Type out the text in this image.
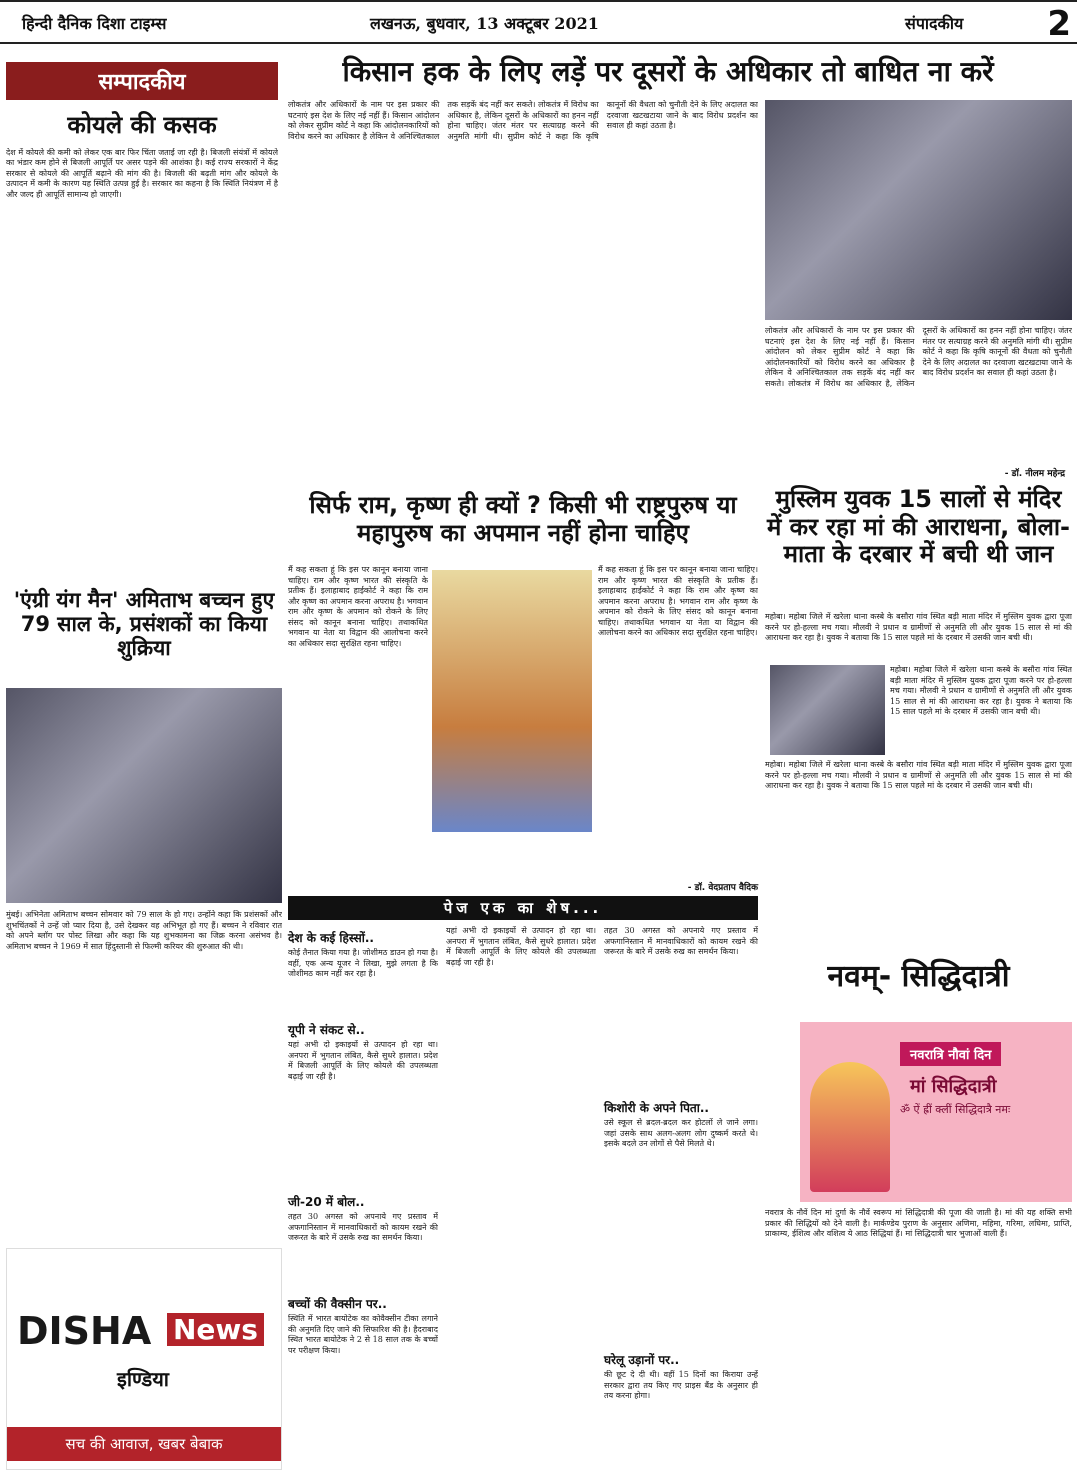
हिन्दी दैनिक दिशा टाइम्स	लखनऊ, बुधवार, 13 अक्टूबर 2021	संपादकीय 2
सम्पादकीय
कोयले की कसक
देश में कोयले की कमी को लेकर एक बार फिर चिंता जताई जा रही है। बिजली संयंत्रों में कोयले का भंडार कम होने से बिजली आपूर्ति पर असर पड़ने की आशंका है। कई राज्य सरकारों ने केंद्र सरकार से कोयले की आपूर्ति बढ़ाने की मांग की है। बिजली की बढ़ती मांग और कोयले के उत्पादन में कमी के कारण यह स्थिति उत्पन्न हुई है। सरकार का कहना है कि स्थिति नियंत्रण में है और जल्द ही आपूर्ति सामान्य हो जाएगी।
'एंग्री यंग मैन' अमिताभ बच्चन हुए 79 साल के, प्रसंशकों का किया शुक्रिया
मुंबई। अभिनेता अमिताभ बच्चन सोमवार को 79 साल के हो गए। उन्होंने कहा कि प्रशंसकों और शुभचिंतकों ने उन्हें जो प्यार दिया है, उसे देखकर वह अभिभूत हो गए हैं। बच्चन ने रविवार रात को अपने ब्लॉग पर पोस्ट लिखा और कहा कि यह शुभकामना का जिक्र करना असंभव है। अमिताभ बच्चन ने 1969 में सात हिंदुस्तानी से फिल्मी करियर की शुरुआत की थी।
DISHA News
इण्डिया
सच की आवाज, खबर बेबाक
किसान हक के लिए लड़ें पर दूसरों के अधिकार तो बाधित ना करें
लोकतंत्र और अधिकारों के नाम पर इस प्रकार की घटनाएं इस देश के लिए नई नहीं हैं। किसान आंदोलन को लेकर सुप्रीम कोर्ट ने कहा कि आंदोलनकारियों को विरोध करने का अधिकार है लेकिन वे अनिश्चितकाल तक सड़कें बंद नहीं कर सकते। लोकतंत्र में विरोध का अधिकार है, लेकिन दूसरों के अधिकारों का हनन नहीं होना चाहिए। जंतर मंतर पर सत्याग्रह करने की अनुमति मांगी थी। सुप्रीम कोर्ट ने कहा कि कृषि कानूनों की वैधता को चुनौती देने के लिए अदालत का दरवाजा खटखटाया जाने के बाद विरोध प्रदर्शन का सवाल ही कहां उठता है।
लोकतंत्र और अधिकारों के नाम पर इस प्रकार की घटनाएं इस देश के लिए नई नहीं हैं। किसान आंदोलन को लेकर सुप्रीम कोर्ट ने कहा कि आंदोलनकारियों को विरोध करने का अधिकार है लेकिन वे अनिश्चितकाल तक सड़कें बंद नहीं कर सकते। लोकतंत्र में विरोध का अधिकार है, लेकिन दूसरों के अधिकारों का हनन नहीं होना चाहिए। जंतर मंतर पर सत्याग्रह करने की अनुमति मांगी थी। सुप्रीम कोर्ट ने कहा कि कृषि कानूनों की वैधता को चुनौती देने के लिए अदालत का दरवाजा खटखटाया जाने के बाद विरोध प्रदर्शन का सवाल ही कहां उठता है।
- डॉ. नीलम महेन्द्र
सिर्फ राम, कृष्ण ही क्यों ? किसी भी राष्ट्रपुरुष या महापुरुष का अपमान नहीं होना चाहिए
मैं कह सकता हूं कि इस पर कानून बनाया जाना चाहिए। राम और कृष्ण भारत की संस्कृति के प्रतीक हैं। इलाहाबाद हाईकोर्ट ने कहा कि राम और कृष्ण का अपमान करना अपराध है। भगवान राम और कृष्ण के अपमान को रोकने के लिए संसद को कानून बनाना चाहिए। तथाकथित भगवान या नेता या विद्वान की आलोचना करने का अधिकार सदा सुरक्षित रहना चाहिए।
मैं कह सकता हूं कि इस पर कानून बनाया जाना चाहिए। राम और कृष्ण भारत की संस्कृति के प्रतीक हैं। इलाहाबाद हाईकोर्ट ने कहा कि राम और कृष्ण का अपमान करना अपराध है। भगवान राम और कृष्ण के अपमान को रोकने के लिए संसद को कानून बनाना चाहिए। तथाकथित भगवान या नेता या विद्वान की आलोचना करने का अधिकार सदा सुरक्षित रहना चाहिए।
- डॉ. वेदप्रताप वैदिक
पेज एक का शेष...
देश के कई हिस्सों..
कोई तैनात किया गया है। जोशीमठ डाउन हो गया है। वहीं, एक अन्य यूजर ने लिखा, मुझे लगता है कि जोशीमठ काम नहीं कर रहा है।
यूपी ने संकट से..
यहां अभी दो इकाइयों से उत्पादन हो रहा था। अनपरा में भुगतान लंबित, कैसे सुधरे हालात। प्रदेश में बिजली आपूर्ति के लिए कोयले की उपलब्धता बढ़ाई जा रही है।
जी-20 में बोल..
तहत 30 अगस्त को अपनाये गए प्रस्ताव में अफगानिस्तान में मानवाधिकारों को कायम रखने की जरूरत के बारे में उसके रुख का समर्थन किया।
बच्चों की वैक्सीन पर..
स्थिति में भारत बायोटेक का कोवैक्सीन टीका लगाने की अनुमति दिए जाने की सिफारिश की है। हैदराबाद स्थित भारत बायोटेक ने 2 से 18 साल तक के बच्चों पर परीक्षण किया।
यहां अभी दो इकाइयों से उत्पादन हो रहा था। अनपरा में भुगतान लंबित, कैसे सुधरे हालात। प्रदेश में बिजली आपूर्ति के लिए कोयले की उपलब्धता बढ़ाई जा रही है।
तहत 30 अगस्त को अपनाये गए प्रस्ताव में अफगानिस्तान में मानवाधिकारों को कायम रखने की जरूरत के बारे में उसके रुख का समर्थन किया।
किशोरी के अपने पिता..
उसे स्कूल से ब्रदल-ब्रदल कर होटलों ले जाने लगा। जहां उसके साथ अलग-अलग लोग दुष्कर्म करते थे। इसके बदले उन लोगों से पैसे मिलते थे।
घरेलू उड़ानों पर..
की छूट दे दी थी। वहीं 15 दिनों का किराया उन्हें सरकार द्वारा तय किए गए प्राइस बैंड के अनुसार ही तय करना होगा।
मुस्लिम युवक 15 सालों से मंदिर में कर रहा मां की आराधना, बोला- माता के दरबार में बची थी जान
महोबा। महोबा जिले में खरेला थाना कस्बे के बसौरा गांव स्थित बड़ी माता मंदिर में मुस्लिम युवक द्वारा पूजा करने पर हो-हल्ला मच गया। मौलवी ने प्रधान व ग्रामीणों से अनुमति ली और युवक 15 साल से मां की आराधना कर रहा है। युवक ने बताया कि 15 साल पहले मां के दरबार में उसकी जान बची थी।
महोबा। महोबा जिले में खरेला थाना कस्बे के बसौरा गांव स्थित बड़ी माता मंदिर में मुस्लिम युवक द्वारा पूजा करने पर हो-हल्ला मच गया। मौलवी ने प्रधान व ग्रामीणों से अनुमति ली और युवक 15 साल से मां की आराधना कर रहा है। युवक ने बताया कि 15 साल पहले मां के दरबार में उसकी जान बची थी।
महोबा। महोबा जिले में खरेला थाना कस्बे के बसौरा गांव स्थित बड़ी माता मंदिर में मुस्लिम युवक द्वारा पूजा करने पर हो-हल्ला मच गया। मौलवी ने प्रधान व ग्रामीणों से अनुमति ली और युवक 15 साल से मां की आराधना कर रहा है। युवक ने बताया कि 15 साल पहले मां के दरबार में उसकी जान बची थी।
नवम्- सिद्धिदात्री
नवरात्रि नौवां दिन
मां सिद्धिदात्री
ॐ ऐं ह्रीं क्लीं सिद्धिदात्रै नमः
नवरात्र के नौवें दिन मां दुर्गा के नौवें स्वरूप मां सिद्धिदात्री की पूजा की जाती है। मां की यह शक्ति सभी प्रकार की सिद्धियों को देने वाली है। मार्कण्डेय पुराण के अनुसार अणिमा, महिमा, गरिमा, लघिमा, प्राप्ति, प्राकाम्य, ईशित्व और वशित्व ये आठ सिद्धियां हैं। मां सिद्धिदात्री चार भुजाओं वाली हैं।
